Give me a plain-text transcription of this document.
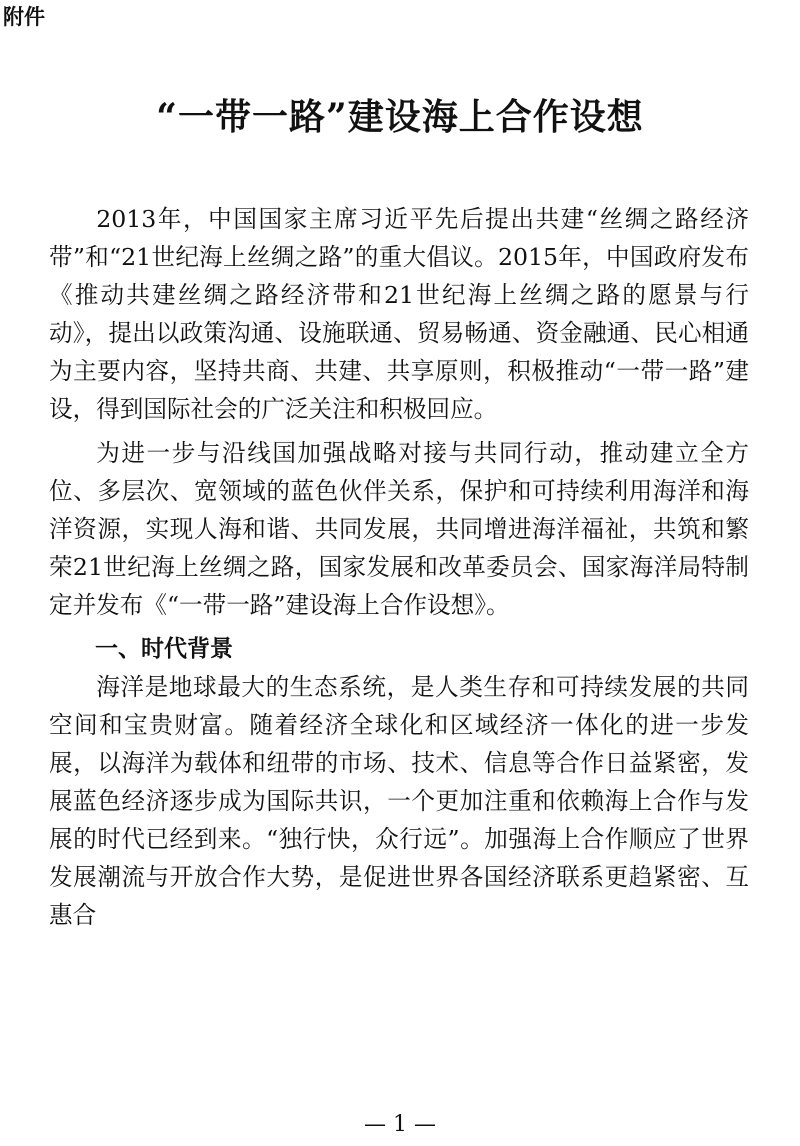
附件
“一带一路”建设海上合作设想

2013年，中国国家主席习近平先后提出共建“丝绸之路经济带”和“21世纪海上丝绸之路”的重大倡议。2015年，中国政府发布《推动共建丝绸之路经济带和21世纪海上丝绸之路的愿景与行动》，提出以政策沟通、设施联通、贸易畅通、资金融通、民心相通为主要内容，坚持共商、共建、共享原则，积极推动“一带一路”建设，得到国际社会的广泛关注和积极回应。

为进一步与沿线国加强战略对接与共同行动，推动建立全方位、多层次、宽领域的蓝色伙伴关系，保护和可持续利用海洋和海洋资源，实现人海和谐、共同发展，共同增进海洋福祉，共筑和繁荣21世纪海上丝绸之路，国家发展和改革委员会、国家海洋局特制定并发布《“一带一路”建设海上合作设想》。

一、时代背景

海洋是地球最大的生态系统，是人类生存和可持续发展的共同空间和宝贵财富。随着经济全球化和区域经济一体化的进一步发展，以海洋为载体和纽带的市场、技术、信息等合作日益紧密，发展蓝色经济逐步成为国际共识，一个更加注重和依赖海上合作与发展的时代已经到来。“独行快，众行远”。加强海上合作顺应了世界发展潮流与开放合作大势，是促进世界各国经济联系更趋紧密、互惠合

— 1 —
